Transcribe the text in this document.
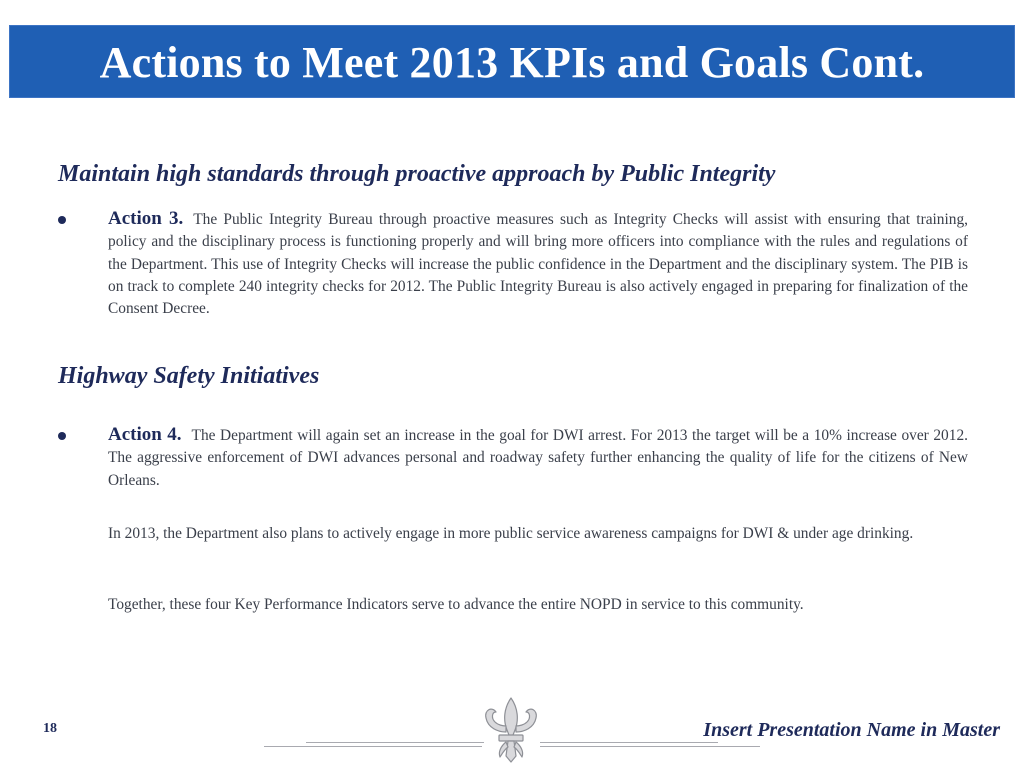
Actions to Meet 2013 KPIs and Goals Cont.
Maintain high standards through proactive approach by Public Integrity
Action 3. The Public Integrity Bureau through proactive measures such as Integrity Checks will assist with ensuring that training, policy and the disciplinary process is functioning properly and will bring more officers into compliance with the rules and regulations of the Department. This use of Integrity Checks will increase the public confidence in the Department and the disciplinary system. The PIB is on track to complete 240 integrity checks for 2012. The Public Integrity Bureau is also actively engaged in preparing for finalization of the Consent Decree.
Highway Safety Initiatives
Action 4. The Department will again set an increase in the goal for DWI arrest. For 2013 the target will be a 10% increase over 2012. The aggressive enforcement of DWI advances personal and roadway safety further enhancing the quality of life for the citizens of New Orleans.
In 2013, the Department also plans to actively engage in more public service awareness campaigns for DWI & under age drinking.
Together, these four Key Performance Indicators serve to advance the entire NOPD in service to this community.
18	Insert Presentation Name in Master
